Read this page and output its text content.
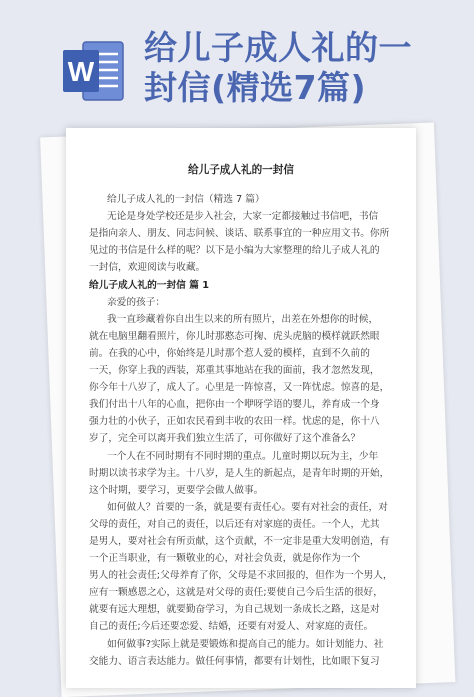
W
给儿子成人礼的一
封信(精选7篇)
给儿子成人礼的一封信
给儿子成人礼的一封信（精选 7 篇）
无论是身处学校还是步入社会，大家一定都接触过书信吧，书信
是指向亲人、朋友、同志问候、谈话、联系事宜的一种应用文书。你所
见过的书信是什么样的呢？以下是小编为大家整理的给儿子成人礼的
一封信，欢迎阅读与收藏。
给儿子成人礼的一封信 篇 1
亲爱的孩子：
我一直珍藏着你自出生以来的所有照片，出差在外想你的时候，
就在电脑里翻看照片，你儿时那憨态可掬、虎头虎脑的模样就跃然眼
前。在我的心中，你始终是儿时那个惹人爱的模样，直到不久前的
一天，你穿上我的西装，郑重其事地站在我的面前，我才忽然发现，
你今年十八岁了，成人了。心里是一阵惊喜，又一阵忧虑。惊喜的是，
我们付出十八年的心血，把你由一个咿呀学语的婴儿，养育成一个身
强力壮的小伙子，正如农民看到丰收的农田一样。忧虑的是，你十八
岁了，完全可以离开我们独立生活了，可你做好了这个准备么？
一个人在不同时期有不同时期的重点。儿童时期以玩为主，少年
时期以读书求学为主。十八岁，是人生的新起点，是青年时期的开始，
这个时期，要学习，更要学会做人做事。
如何做人？首要的一条，就是要有责任心。要有对社会的责任，对
父母的责任，对自己的责任，以后还有对家庭的责任。一个人，尤其
是男人，要对社会有所贡献，这个贡献，不一定非是重大发明创造，有
一个正当职业，有一颗敬业的心，对社会负责，就是你作为一个
男人的社会责任;父母养育了你，父母是不求回报的，但作为一个男人，
应有一颗感恩之心，这就是对父母的责任;要使自己今后生活的很好，
就要有远大理想，就要勤奋学习，为自己规划一条成长之路，这是对
自己的责任;今后还要恋爱、结婚，还要有对爱人、对家庭的责任。
如何做事?实际上就是要锻炼和提高自己的能力。如计划能力、社
交能力、语言表达能力。做任何事情，都要有计划性，比如眼下复习
